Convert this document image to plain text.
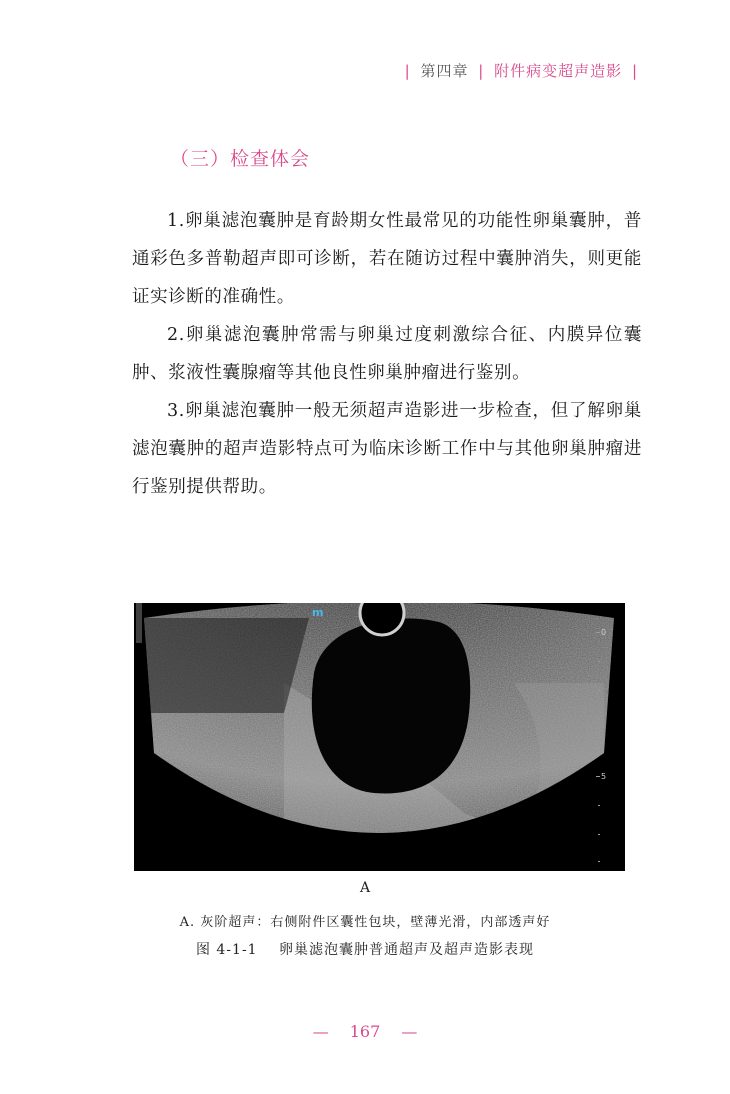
| 第四章 | 附件病变超声造影 |
（三）检查体会

1.卵巢滤泡囊肿是育龄期女性最常见的功能性卵巢囊肿，普通彩色多普勒超声即可诊断，若在随访过程中囊肿消失，则更能证实诊断的准确性。

2.卵巢滤泡囊肿常需与卵巢过度刺激综合征、内膜异位囊肿、浆液性囊腺瘤等其他良性卵巢肿瘤进行鉴别。

3.卵巢滤泡囊肿一般无须超声造影进一步检查，但了解卵巢滤泡囊肿的超声造影特点可为临床诊断工作中与其他卵巢肿瘤进行鉴别提供帮助。

m
0
5
A
A. 灰阶超声：右侧附件区囊性包块，壁薄光滑，内部透声好
图 4-1-1 卵巢滤泡囊肿普通超声及超声造影表现
— 167 —
